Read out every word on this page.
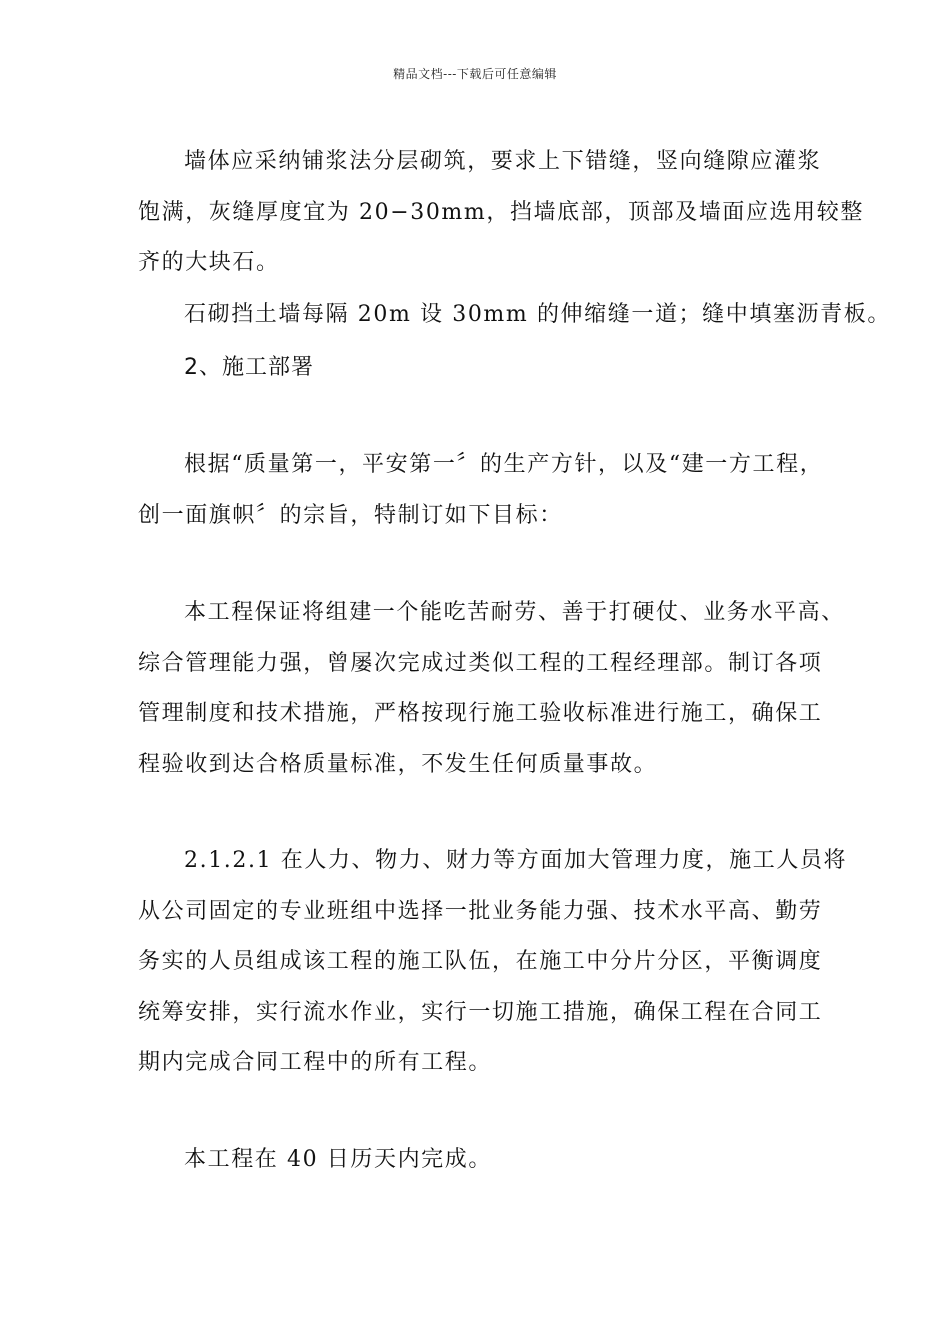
精品文档---下载后可任意编辑
墙体应采纳铺浆法分层砌筑，要求上下错缝，竖向缝隙应灌浆
饱满，灰缝厚度宜为 20−30mm，挡墙底部，顶部及墙面应选用较整
齐的大块石。
石砌挡土墙每隔 20m 设 30mm 的伸缩缝一道；缝中填塞沥青板。
2、施工部署
根据“质量第一，平安第一〞的生产方针，以及“建一方工程，
创一面旗帜〞的宗旨，特制订如下目标：
本工程保证将组建一个能吃苦耐劳、善于打硬仗、业务水平高、
综合管理能力强，曾屡次完成过类似工程的工程经理部。制订各项
管理制度和技术措施，严格按现行施工验收标准进行施工，确保工
程验收到达合格质量标准，不发生任何质量事故。
2.1.2.1 在人力、物力、财力等方面加大管理力度，施工人员将
从公司固定的专业班组中选择一批业务能力强、技术水平高、勤劳
务实的人员组成该工程的施工队伍，在施工中分片分区，平衡调度
统筹安排，实行流水作业，实行一切施工措施，确保工程在合同工
期内完成合同工程中的所有工程。
本工程在 40 日历天内完成。
